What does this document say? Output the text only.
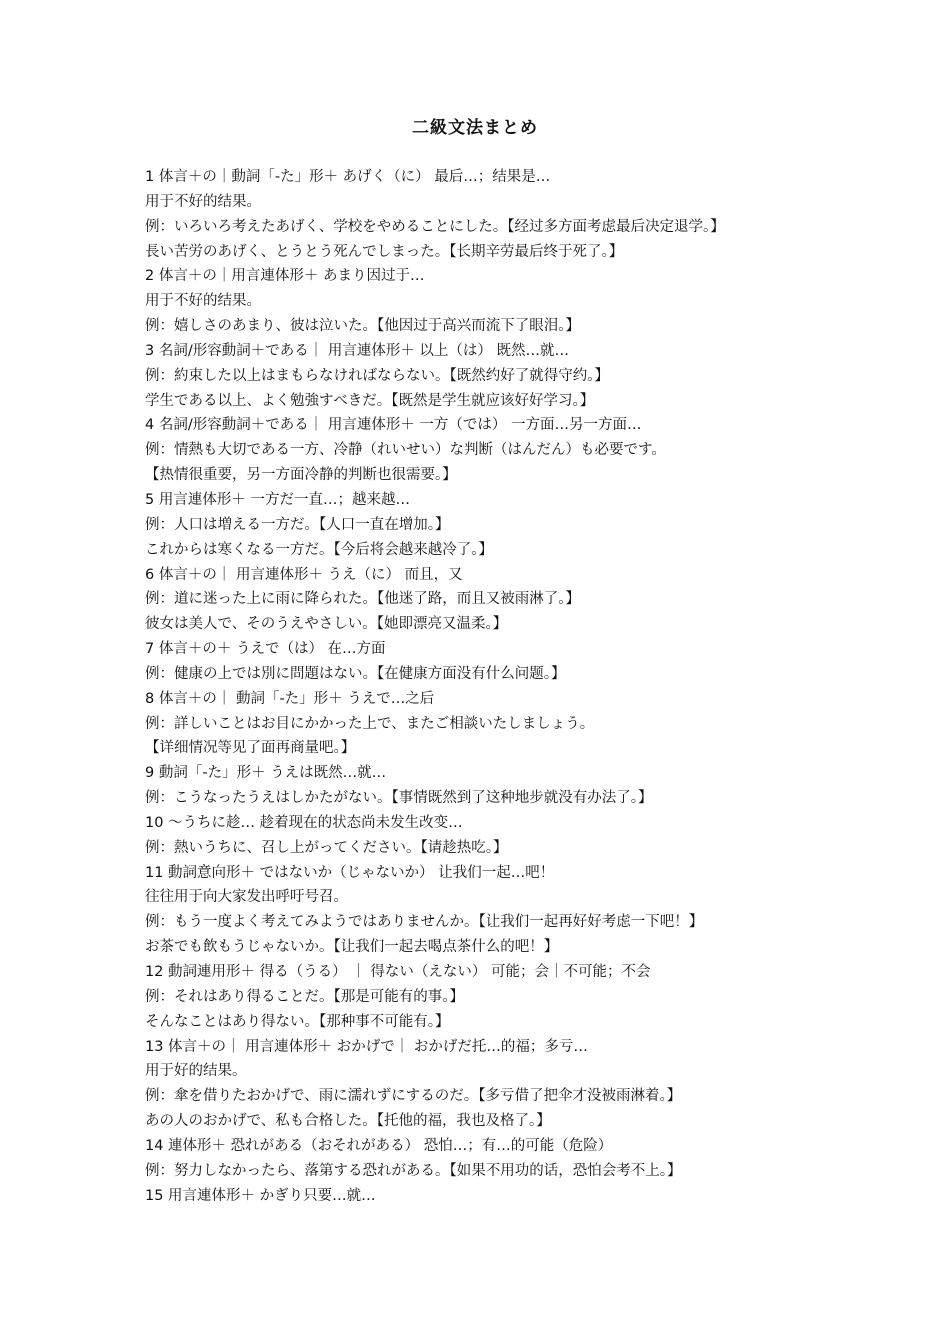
二級文法まとめ
1 体言＋の｜動詞「-た」形＋ あげく（に） 最后…；结果是…
用于不好的结果。
例：いろいろ考えたあげく、学校をやめることにした。【经过多方面考虑最后决定退学。】
長い苦労のあげく、とうとう死んでしまった。【长期辛劳最后终于死了。】
2 体言＋の｜用言連体形＋ あまり因过于…
用于不好的结果。
例：嬉しさのあまり、彼は泣いた。【他因过于高兴而流下了眼泪。】
3 名詞/形容動詞＋である｜ 用言連体形＋ 以上（は） 既然…就…
例：約束した以上はまもらなければならない。【既然约好了就得守约。】
学生である以上、よく勉強すべきだ。【既然是学生就应该好好学习。】
4 名詞/形容動詞＋である｜ 用言連体形＋ 一方（では） 一方面…另一方面…
例：情熱も大切である一方、冷静（れいせい）な判断（はんだん）も必要です。
【热情很重要，另一方面冷静的判断也很需要。】
5 用言連体形＋ 一方だ一直…；越来越…
例：人口は増える一方だ。【人口一直在增加。】
これからは寒くなる一方だ。【今后将会越来越冷了。】
6 体言＋の｜ 用言連体形＋ うえ（に） 而且，又
例：道に迷った上に雨に降られた。【他迷了路，而且又被雨淋了。】
彼女は美人で、そのうえやさしい。【她即漂亮又温柔。】
7 体言＋の＋ うえで（は） 在…方面
例：健康の上では別に問題はない。【在健康方面没有什么问题。】
8 体言＋の｜ 動詞「-た」形＋ うえで…之后
例：詳しいことはお目にかかった上で、またご相談いたしましょう。
【详细情况等见了面再商量吧。】
9 動詞「-た」形＋ うえは既然…就…
例：こうなったうえはしかたがない。【事情既然到了这种地步就没有办法了。】
10 ～うちに趁… 趁着现在的状态尚未发生改变…
例：熱いうちに、召し上がってください。【请趁热吃。】
11 動詞意向形＋ ではないか（じゃないか） 让我们一起…吧！
往往用于向大家发出呼吁号召。
例：もう一度よく考えてみようではありませんか。【让我们一起再好好考虑一下吧！】
お茶でも飲もうじゃないか。【让我们一起去喝点茶什么的吧！】
12 動詞連用形＋ 得る（うる） ｜ 得ない（えない） 可能；会｜不可能；不会
例：それはあり得ることだ。【那是可能有的事。】
そんなことはあり得ない。【那种事不可能有。】
13 体言＋の｜ 用言連体形＋ おかげで｜ おかげだ托…的福；多亏…
用于好的结果。
例：傘を借りたおかげで、雨に濡れずにするのだ。【多亏借了把伞才没被雨淋着。】
あの人のおかげで、私も合格した。【托他的福，我也及格了。】
14 連体形＋ 恐れがある（おそれがある） 恐怕…；有…的可能（危险）
例：努力しなかったら、落第する恐れがある。【如果不用功的话，恐怕会考不上。】
15 用言連体形＋ かぎり只要…就…
